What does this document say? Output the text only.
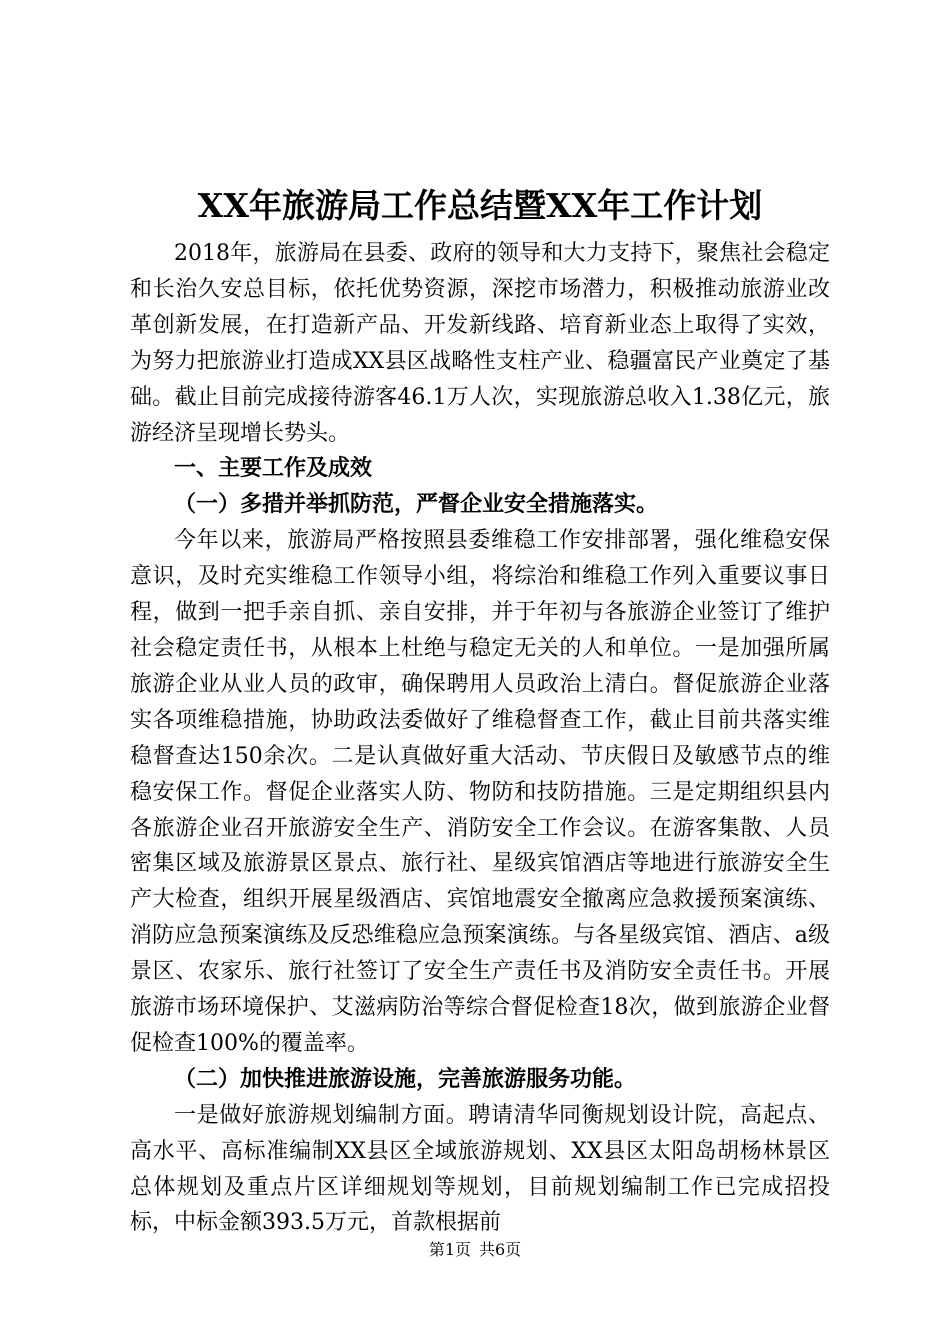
XX年旅游局工作总结暨XX年工作计划

2018年，旅游局在县委、政府的领导和大力支持下，聚焦社会稳定和长治久安总目标，依托优势资源，深挖市场潜力，积极推动旅游业改革创新发展，在打造新产品、开发新线路、培育新业态上取得了实效，为努力把旅游业打造成XX县区战略性支柱产业、稳疆富民产业奠定了基础。截止目前完成接待游客46.1万人次，实现旅游总收入1.38亿元，旅游经济呈现增长势头。

一、主要工作及成效

（一）多措并举抓防范，严督企业安全措施落实。

今年以来，旅游局严格按照县委维稳工作安排部署，强化维稳安保意识，及时充实维稳工作领导小组，将综治和维稳工作列入重要议事日程，做到一把手亲自抓、亲自安排，并于年初与各旅游企业签订了维护社会稳定责任书，从根本上杜绝与稳定无关的人和单位。一是加强所属旅游企业从业人员的政审，确保聘用人员政治上清白。督促旅游企业落实各项维稳措施，协助政法委做好了维稳督查工作，截止目前共落实维稳督查达150余次。二是认真做好重大活动、节庆假日及敏感节点的维稳安保工作。督促企业落实人防、物防和技防措施。三是定期组织县内各旅游企业召开旅游安全生产、消防安全工作会议。在游客集散、人员密集区域及旅游景区景点、旅行社、星级宾馆酒店等地进行旅游安全生产大检查，组织开展星级酒店、宾馆地震安全撤离应急救援预案演练、消防应急预案演练及反恐维稳应急预案演练。与各星级宾馆、酒店、a级景区、农家乐、旅行社签订了安全生产责任书及消防安全责任书。开展旅游市场环境保护、艾滋病防治等综合督促检查18次，做到旅游企业督促检查100%的覆盖率。

（二）加快推进旅游设施，完善旅游服务功能。

一是做好旅游规划编制方面。聘请清华同衡规划设计院，高起点、高水平、高标准编制XX县区全域旅游规划、XX县区太阳岛胡杨林景区总体规划及重点片区详细规划等规划，目前规划编制工作已完成招投标，中标金额393.5万元，首款根据前

第1页 共6页
